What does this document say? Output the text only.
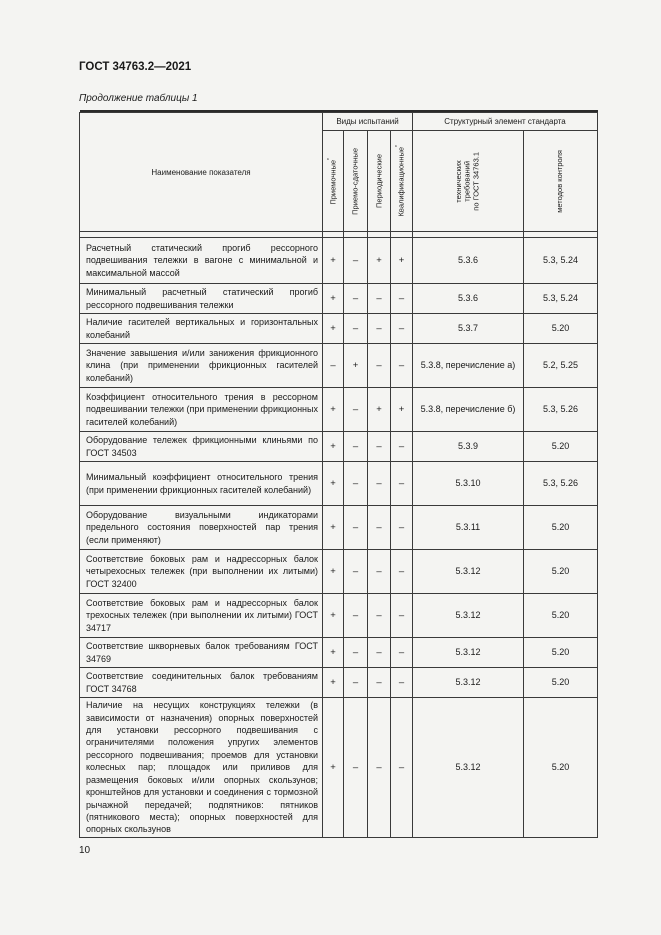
ГОСТ 34763.2—2021
Продолжение таблицы 1

Наименование показателя	Виды испытаний				Структурный элемент стандарта	

	Приемочные*	Приемо-сдаточные	Периодические	Квалификационные*	технических
требований
по ГОСТ 34763.1	методов контроля

Расчетный статический прогиб рессорного подвешивания тележки в вагоне с минимальной и максимальной массой	+	–	+	+	5.3.6	5.3, 5.24
Минимальный расчетный статический прогиб рессорного подвешивания тележки	+	–	–	–	5.3.6	5.3, 5.24
Наличие гасителей вертикальных и горизонтальных колебаний	+	–	–	–	5.3.7	5.20
Значение завышения и/или занижения фрикционного клина (при применении фрикционных гасителей колебаний)	–	+	–	–	5.3.8, перечисление а)	5.2, 5.25
Коэффициент относительного трения в рессорном подвешивании тележки (при применении фрикционных гасителей колебаний)	+	–	+	+	5.3.8, перечисление б)	5.3, 5.26
Оборудование тележек фрикционными клиньями по ГОСТ 34503	+	–	–	–	5.3.9	5.20
Минимальный коэффициент относительного трения (при применении фрикционных гасителей колебаний)	+	–	–	–	5.3.10	5.3, 5.26
Оборудование визуальными индикаторами предельного состояния поверхностей пар трения (если применяют)	+	–	–	–	5.3.11	5.20
Соответствие боковых рам и надрессорных балок четырехосных тележек (при выполнении их литыми) ГОСТ 32400	+	–	–	–	5.3.12	5.20
Соответствие боковых рам и надрессорных балок трехосных тележек (при выполнении их литыми) ГОСТ 34717	+	–	–	–	5.3.12	5.20
Соответствие шкворневых балок требованиям ГОСТ 34769	+	–	–	–	5.3.12	5.20
Соответствие соединительных балок требованиям ГОСТ 34768	+	–	–	–	5.3.12	5.20
Наличие на несущих конструкциях тележки (в зависимости от назначения) опорных поверхностей для установки рессорного подвешивания с ограничителями положения упругих элементов рессорного подвешивания; проемов для установки колесных пар; площадок или приливов для размещения боковых и/или опорных скользунов; кронштейнов для установки и соединения с тормозной рычажной передачей; подпятников: пятников (пятникового места); опорных поверхностей для опорных скользунов	+	–	–	–	5.3.12	5.20
10
